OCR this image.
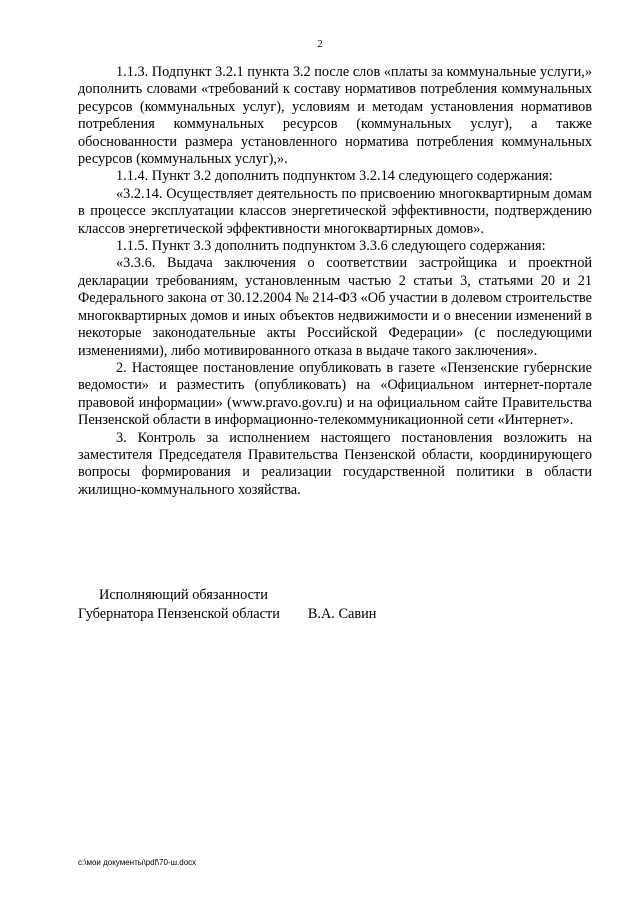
2

1.1.3. Подпункт 3.2.1 пункта 3.2 после слов «платы за коммунальные услуги,» дополнить словами «требований к составу нормативов потребления коммунальных ресурсов (коммунальных услуг), условиям и методам установления нормативов потребления коммунальных ресурсов (коммунальных услуг), а также обоснованности размера установленного норматива потребления коммунальных ресурсов (коммунальных услуг),».

1.1.4. Пункт 3.2 дополнить подпунктом 3.2.14 следующего содержания:

«3.2.14. Осуществляет деятельность по присвоению многоквартирным домам в процессе эксплуатации классов энергетической эффективности, подтверждению классов энергетической эффективности многоквартирных домов».

1.1.5. Пункт 3.3 дополнить подпунктом 3.3.6 следующего содержания:

«3.3.6. Выдача заключения о соответствии застройщика и проектной декларации требованиям, установленным частью 2 статьи 3, статьями 20 и 21 Федерального закона от 30.12.2004 № 214-ФЗ «Об участии в долевом строительстве многоквартирных домов и иных объектов недвижимости и о внесении изменений в некоторые законодательные акты Российской Федерации» (с последующими изменениями), либо мотивированного отказа в выдаче такого заключения».

2. Настоящее постановление опубликовать в газете «Пензенские губернские ведомости» и разместить (опубликовать) на «Официальном интернет-портале правовой информации» (www.pravo.gov.ru) и на официальном сайте Правительства Пензенской области в информационно-телекоммуникационной сети «Интернет».

3. Контроль за исполнением настоящего постановления возложить на заместителя Председателя Правительства Пензенской области, координирующего вопросы формирования и реализации государственной политики в области жилищно-коммунального хозяйства.

Исполняющий обязанности
Губернатора Пензенской области В.А. Савин
c:\мои документы\pdf\70-ш.docx
